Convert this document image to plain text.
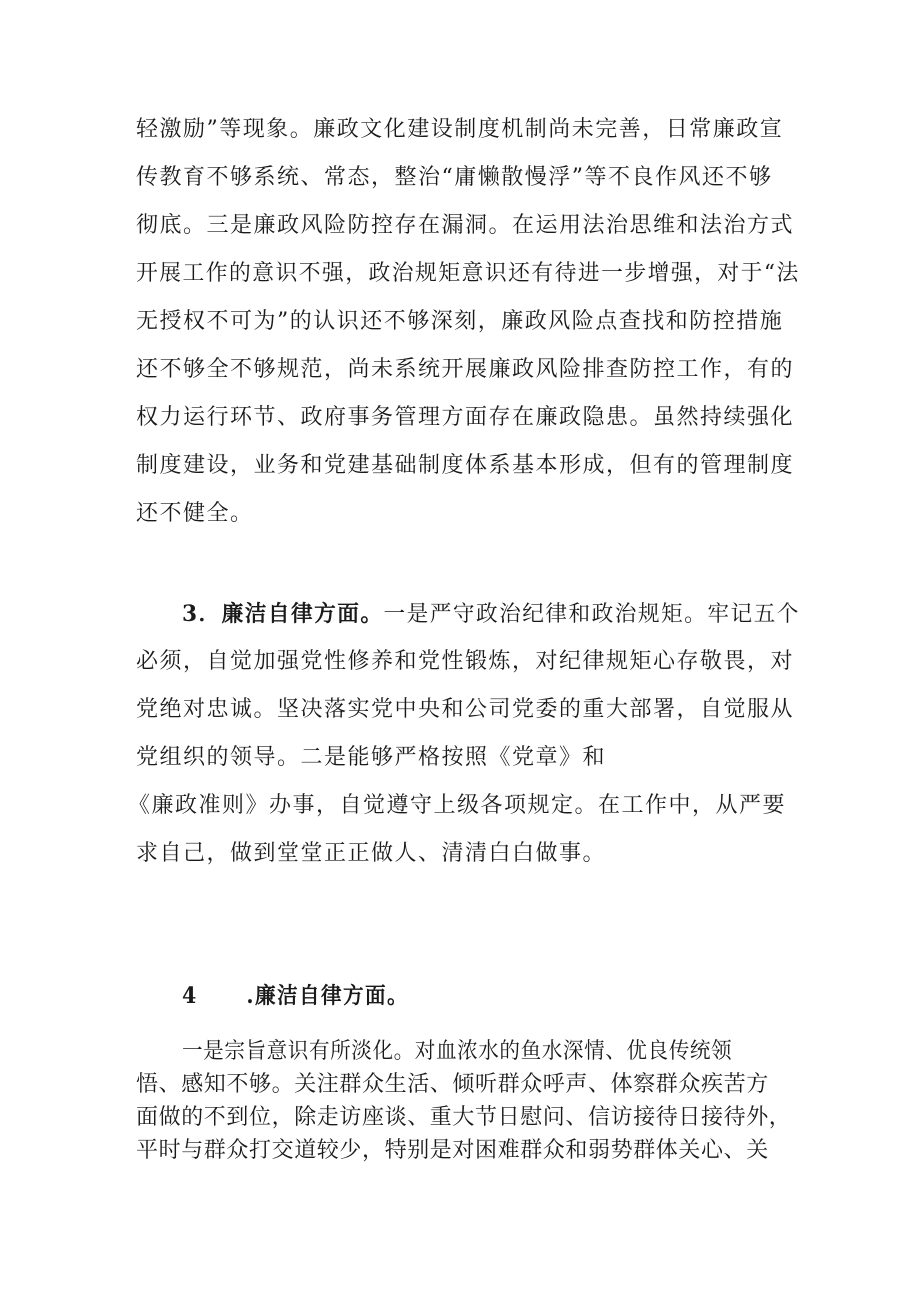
轻激励”等现象。廉政文化建设制度机制尚未完善，日常廉政宣
传教育不够系统、常态，整治“庸懒散慢浮”等不良作风还不够
彻底。三是廉政风险防控存在漏洞。在运用法治思维和法治方式
开展工作的意识不强，政治规矩意识还有待进一步增强，对于“法
无授权不可为”的认识还不够深刻，廉政风险点查找和防控措施
还不够全不够规范，尚未系统开展廉政风险排查防控工作，有的
权力运行环节、政府事务管理方面存在廉政隐患。虽然持续强化
制度建设，业务和党建基础制度体系基本形成，但有的管理制度
还不健全。
3．廉洁自律方面。一是严守政治纪律和政治规矩。牢记五个
必须，自觉加强党性修养和党性锻炼，对纪律规矩心存敬畏，对
党绝对忠诚。坚决落实党中央和公司党委的重大部署，自觉服从
党组织的领导。二是能够严格按照《党章》和
《廉政准则》办事，自觉遵守上级各项规定。在工作中，从严要
求自己，做到堂堂正正做人、清清白白做事。
4 .廉洁自律方面。
一是宗旨意识有所淡化。对血浓水的鱼水深情、优良传统领
悟、感知不够。关注群众生活、倾听群众呼声、体察群众疾苦方
面做的不到位，除走访座谈、重大节日慰问、信访接待日接待外，
平时与群众打交道较少，特别是对困难群众和弱势群体关心、关
